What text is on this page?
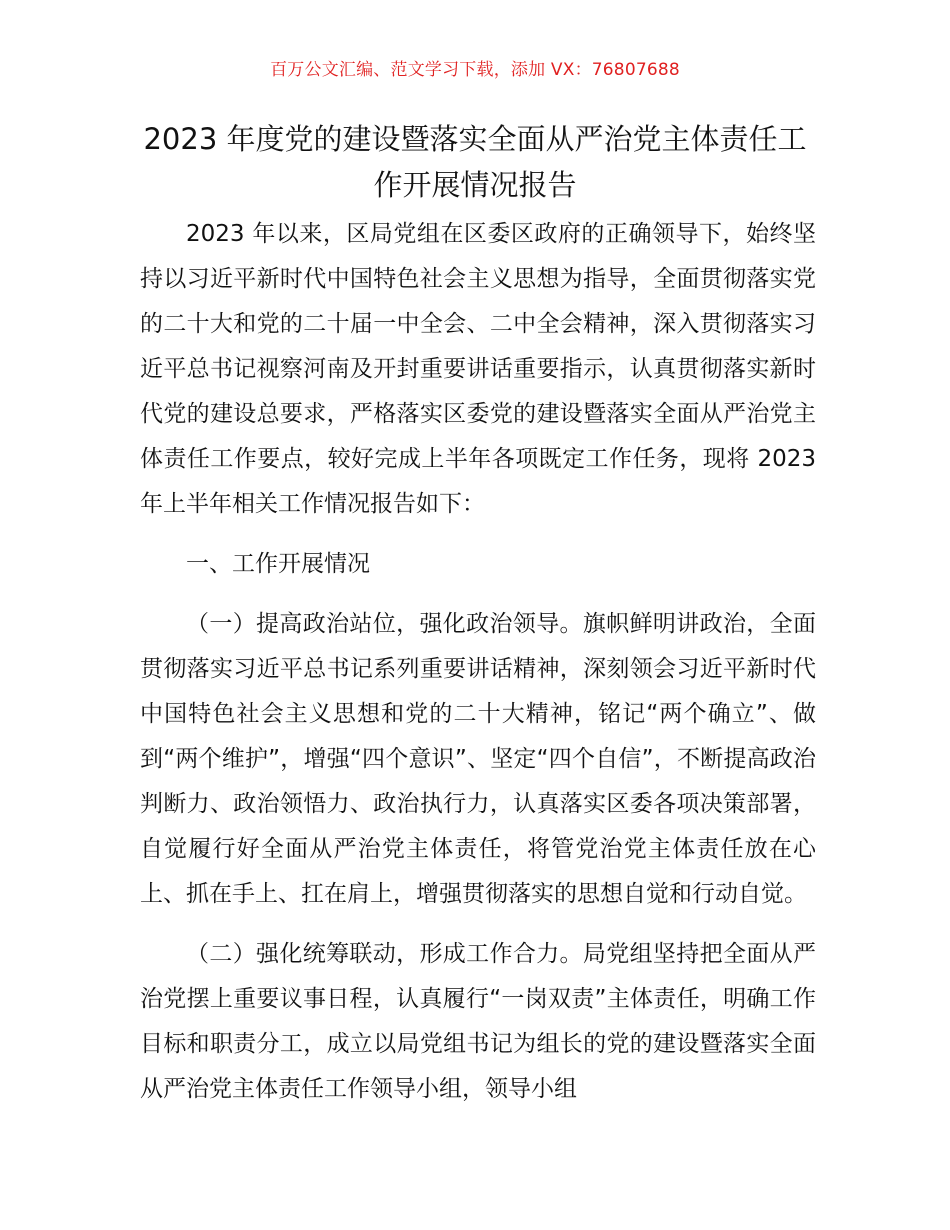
百万公文汇编、范文学习下载，添加 VX：76807688
2023 年度党的建设暨落实全面从严治党主体责任工作开展情况报告

2023 年以来，区局党组在区委区政府的正确领导下，始终坚持以习近平新时代中国特色社会主义思想为指导，全面贯彻落实党的二十大和党的二十届一中全会、二中全会精神，深入贯彻落实习近平总书记视察河南及开封重要讲话重要指示，认真贯彻落实新时代党的建设总要求，严格落实区委党的建设暨落实全面从严治党主体责任工作要点，较好完成上半年各项既定工作任务，现将 2023 年上半年相关工作情况报告如下：

一、工作开展情况

（一）提高政治站位，强化政治领导。旗帜鲜明讲政治，全面贯彻落实习近平总书记系列重要讲话精神，深刻领会习近平新时代中国特色社会主义思想和党的二十大精神，铭记“两个确立”、做到“两个维护”，增强“四个意识”、坚定“四个自信”，不断提高政治判断力、政治领悟力、政治执行力，认真落实区委各项决策部署，自觉履行好全面从严治党主体责任，将管党治党主体责任放在心上、抓在手上、扛在肩上，增强贯彻落实的思想自觉和行动自觉。

（二）强化统筹联动，形成工作合力。局党组坚持把全面从严治党摆上重要议事日程，认真履行“一岗双责”主体责任，明确工作目标和职责分工，成立以局党组书记为组长的党的建设暨落实全面从严治党主体责任工作领导小组，领导小组
